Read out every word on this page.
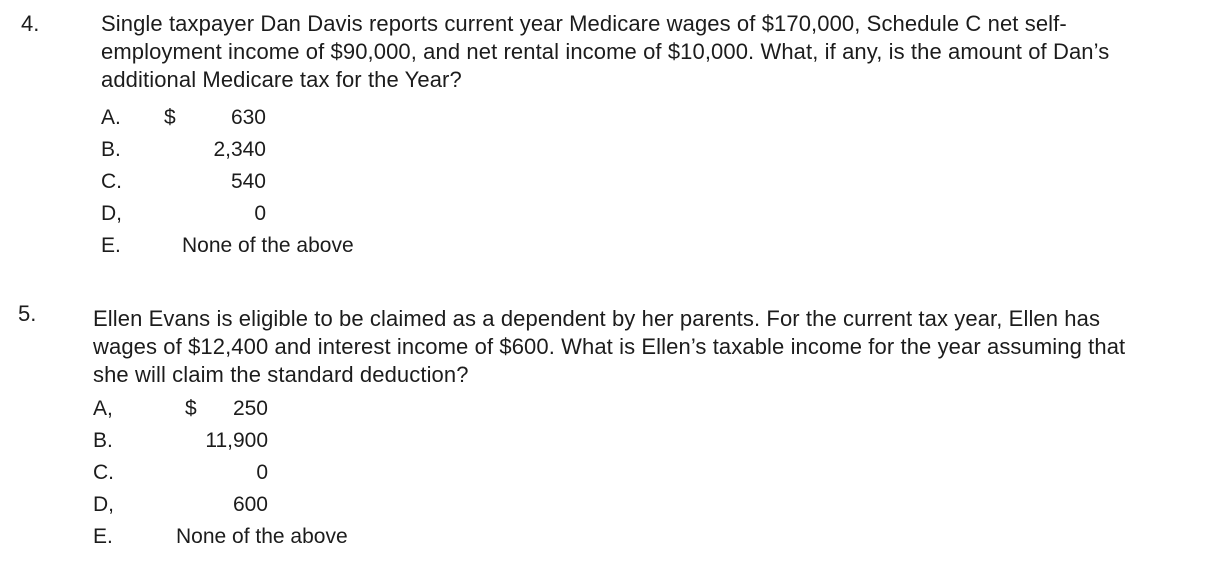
4.	Single taxpayer Dan Davis reports current year Medicare wages of $170,000, Schedule C net self-employment income of $90,000, and net rental income of $10,000. What, if any, is the amount of Dan’s additional Medicare tax for the Year?
A. $	630
B.	2,340
C.	540
D,	0
E.	None of the above
5.	Ellen Evans is eligible to be claimed as a dependent by her parents. For the current tax year, Ellen has wages of $12,400 and interest income of $600. What is Ellen’s taxable income for the year assuming that she will claim the standard deduction?
A,	$	250
B.	11,900
C.	0
D,	600
E.	None of the above
